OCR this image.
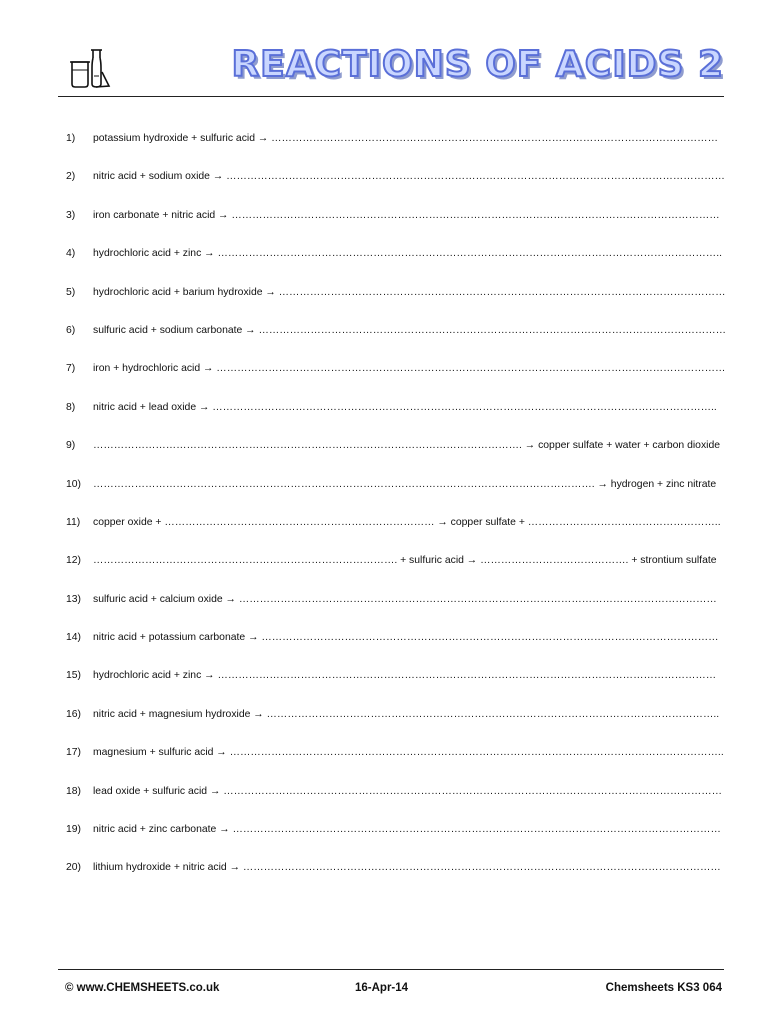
REACTIONS OF ACIDS 2
1)	potassium hydroxide + sulfuric acid → …………………………………………………………………………………………………………………
2)	nitric acid + sodium oxide → ………………………………………………………………………………………………………………………………
3)	iron carbonate + nitric acid → ……………………………………………………………………………………………………………………………
4)	hydrochloric acid + zinc → ………………………………………………………………………………………………………………………………..
5)	hydrochloric acid + barium hydroxide → …………………………………………………………………………………………………………………
6)	sulfuric acid + sodium carbonate → ………………………………………………………………………………………………………………………
7)	iron + hydrochloric acid → …………………………………………………………………………………………………………………………………
8)	nitric acid + lead oxide → ………………………………………………………………………………………………………………………………..
9)	……………………………………………………………………………………………………………. → copper sulfate + water + carbon dioxide
10)	………………………………………………………………………………………………………………………………. → hydrogen + zinc nitrate
11)	copper oxide + …………………………………………………………………… → copper sulfate + ………………………………………………..
12)	……………………………………………………………………………. + sulfuric acid → ……………………………………. + strontium sulfate
13)	sulfuric acid + calcium oxide → …………………………………………………………………………………………………………………………
14)	nitric acid + potassium carbonate → ……………………………………………………………………………………………………………………
15)	hydrochloric acid + zinc → ………………………………………………………………………………………………………………………………
16)	nitric acid + magnesium hydroxide → …………………………………………………………………………………………………………………..
17)	magnesium + sulfuric acid → ……………………………………………………………………………………………………………………………..
18)	lead oxide + sulfuric acid → ………………………………………………………………………………………………………………………………
19)	nitric acid + zinc carbonate → ……………………………………………………………………………………………………………………………
20)	lithium hydroxide + nitric acid → …………………………………………………………………………………………………………………………
© www.CHEMSHEETS.co.uk	16-Apr-14	Chemsheets KS3 064
